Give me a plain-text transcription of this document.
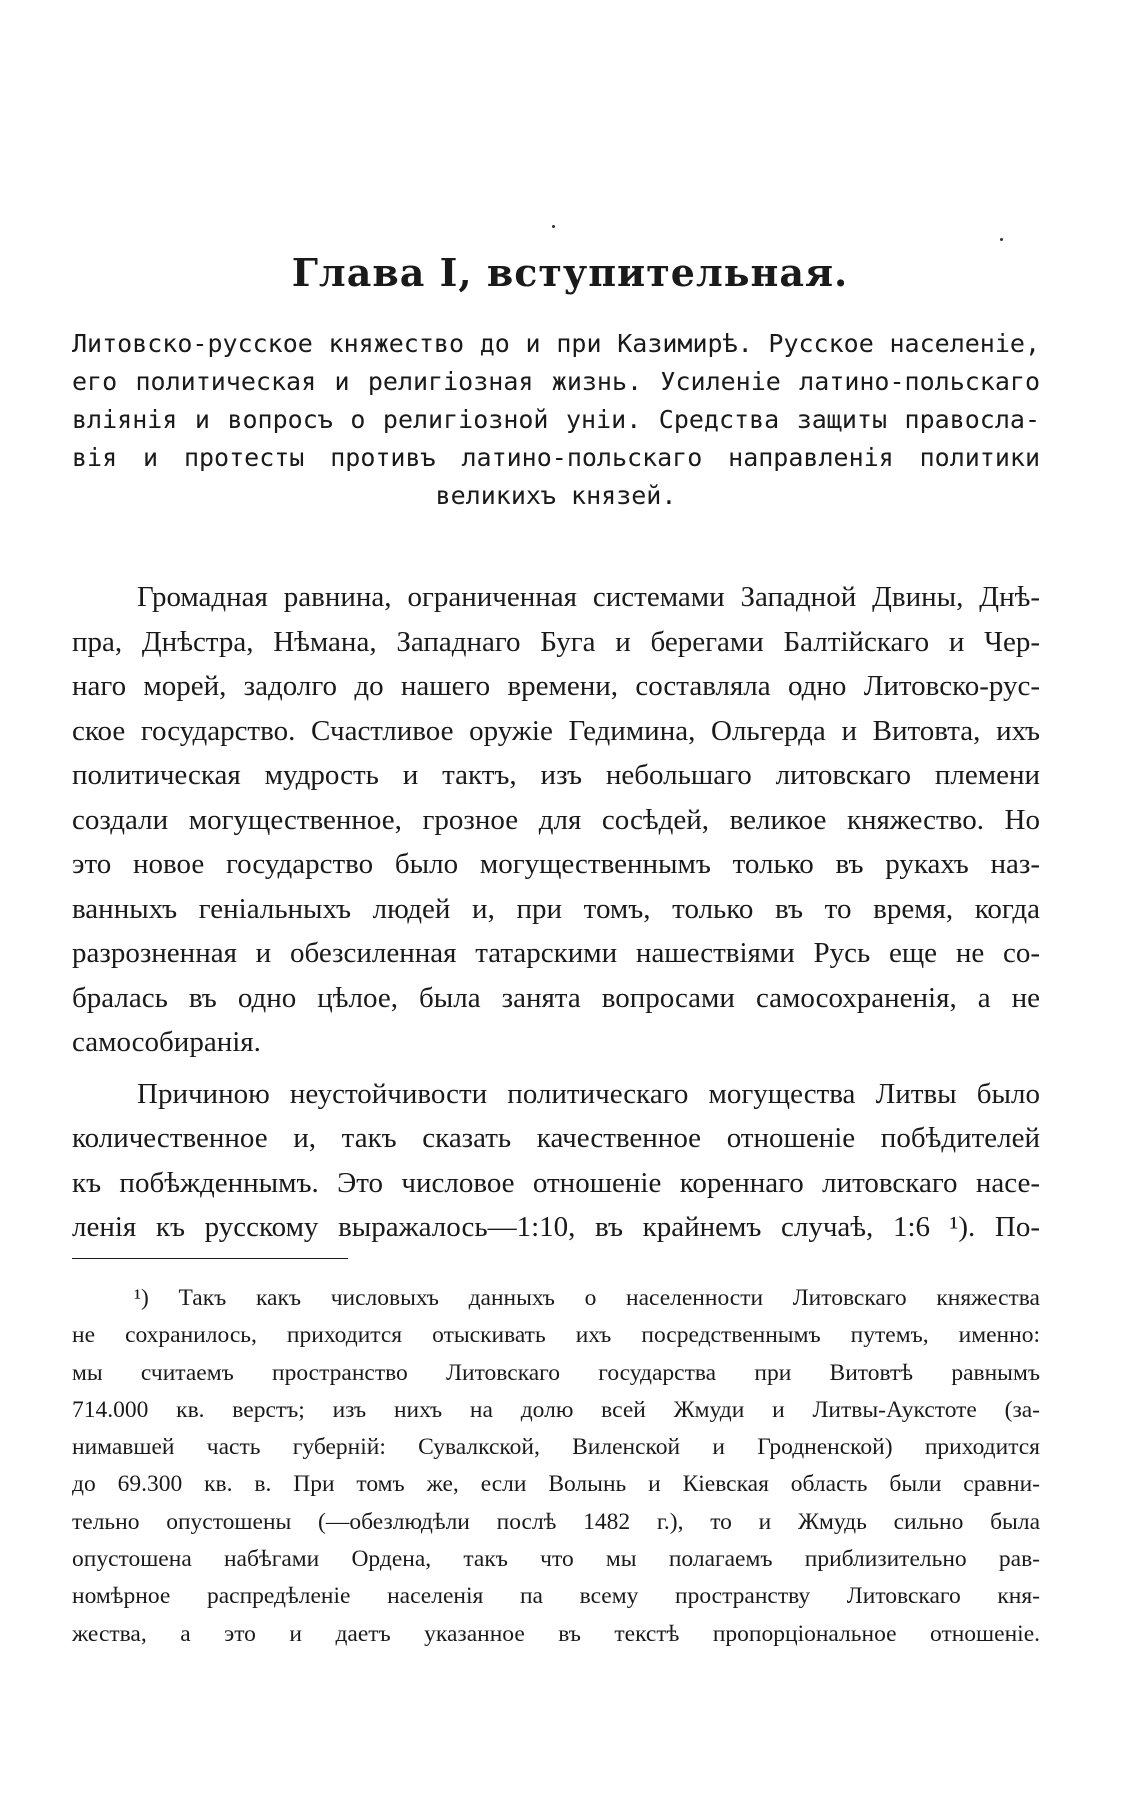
Глава I, вступительная.
Литовско-русское княжество до и при Казимирѣ. Русское населеніе,
его политическая и религіозная жизнь. Усиленіе латино-польскаго
вліянія и вопросъ о религіозной уніи. Средства защиты правосла-
вія и протесты противъ латино-польскаго направленія политики
великихъ князей.
Громадная равнина, ограниченная системами Западной Двины, Днѣ-
пра, Днѣстра, Нѣмана, Западнаго Буга и берегами Балтійскаго и Чер-
наго морей, задолго до нашего времени, составляла одно Литовско-рус-
ское государство. Счастливое оружіе Гедимина, Ольгерда и Витовта, ихъ
политическая мудрость и тактъ, изъ небольшаго литовскаго племени
создали могущественное, грозное для сосѣдей, великое княжество. Но
это новое государство было могущественнымъ только въ рукахъ наз-
ванныхъ геніальныхъ людей и, при томъ, только въ то время, когда
разрозненная и обезсиленная татарскими нашествіями Русь еще не со-
бралась въ одно цѣлое, была занята вопросами самосохраненія, а не
самособиранія.
Причиною неустойчивости политическаго могущества Литвы было
количественное и, такъ сказать качественное отношеніе побѣдителей
къ побѣжденнымъ. Это числовое отношеніе кореннаго литовскаго насе-
ленія къ русскому выражалось—1:10, въ крайнемъ случаѣ, 1:6 ¹). По-
¹) Такъ какъ числовыхъ данныхъ о населенности Литовскаго княжества
не сохранилось, приходится отыскивать ихъ посредственнымъ путемъ, именно:
мы считаемъ пространство Литовскаго государства при Витовтѣ равнымъ
714.000 кв. верстъ; изъ нихъ на долю всей Жмуди и Литвы-Аукстоте (за-
нимавшей часть губерній: Сувалкской, Виленской и Гродненской) приходится
до 69.300 кв. в. При томъ же, если Волынь и Кіевская область были сравни-
тельно опустошены (—обезлюдѣли послѣ 1482 г.), то и Жмудь сильно была
опустошена набѣгами Ордена, такъ что мы полагаемъ приблизительно рав-
номѣрное распредѣленіе населенія па всему пространству Литовскаго кня-
жества, а это и даетъ указанное въ текстѣ пропорціональное отношеніе.
